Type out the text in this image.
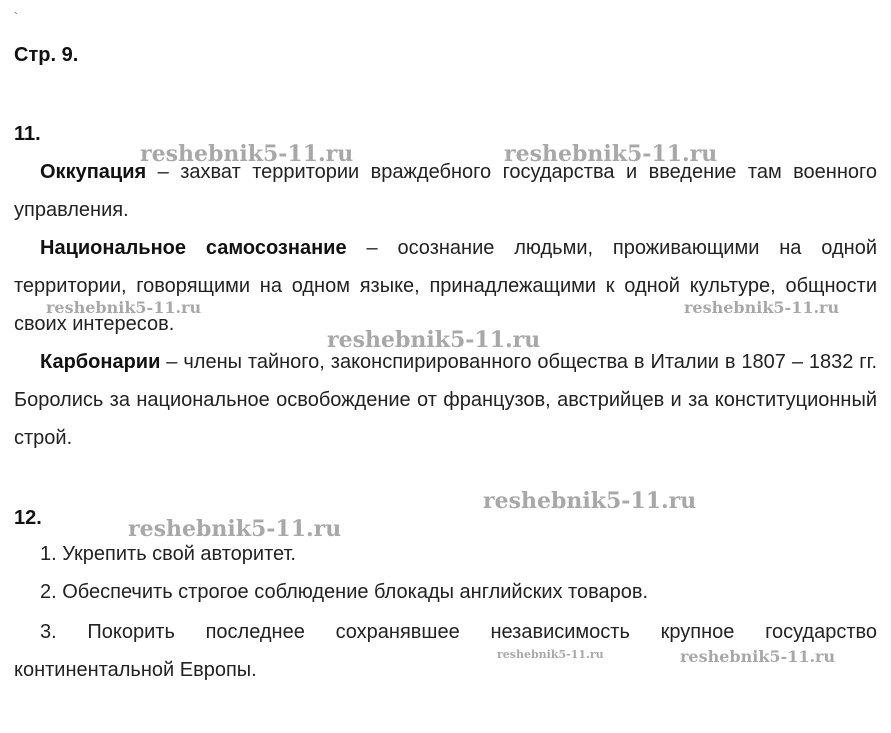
`
Стр. 9.
11.
Оккупация – захват территории враждебного государства и введение там военного управления.
Национальное самосознание – осознание людьми, проживающими на одной территории, говорящими на одном языке, принадлежащими к одной культуре, общности своих интересов.
Карбонарии – члены тайного, законспирированного общества в Италии в 1807 – 1832 гг. Боролись за национальное освобождение от французов, австрийцев и за конституционный строй.
12.
1. Укрепить свой авторитет.
2. Обеспечить строгое соблюдение блокады английских товаров.
3. Покорить последнее сохранявшее независимость крупное государство континентальной Европы.
reshebnik5-11.ru	reshebnik5-11.ru
reshebnik5-11.ru	reshebnik5-11.ru
reshebnik5-11.ru
reshebnik5-11.ru
reshebnik5-11.ru
reshebnik5-11.ru	reshebnik5-11.ru
